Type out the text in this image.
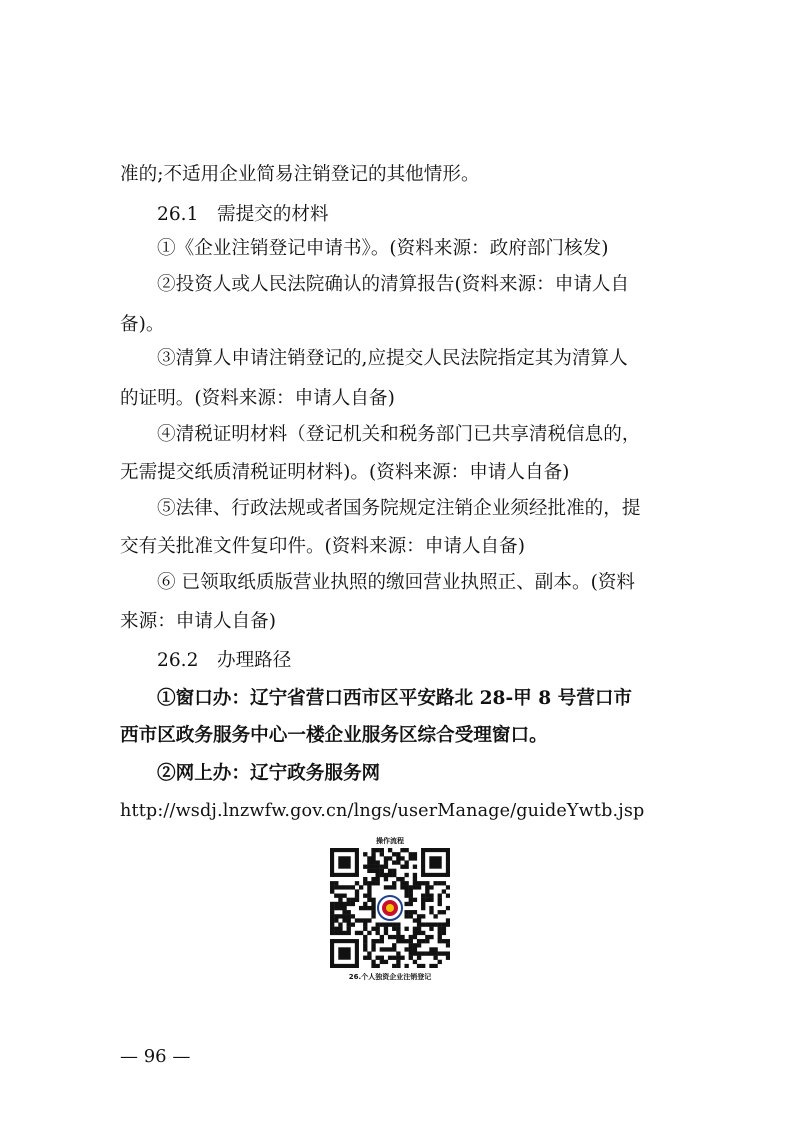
准的;不适用企业简易注销登记的其他情形。
26.1　需提交的材料
①《企业注销登记申请书》。(资料来源：政府部门核发)
②投资人或人民法院确认的清算报告(资料来源：申请人自
备)。
③清算人申请注销登记的,应提交人民法院指定其为清算人
的证明。(资料来源：申请人自备)
④清税证明材料（登记机关和税务部门已共享清税信息的，
无需提交纸质清税证明材料)。(资料来源：申请人自备)
⑤法律、行政法规或者国务院规定注销企业须经批准的，提
交有关批准文件复印件。(资料来源：申请人自备)
⑥ 已领取纸质版营业执照的缴回营业执照正、副本。(资料
来源：申请人自备)
26.2　办理路径
①窗口办：辽宁省营口西市区平安路北 28-甲 8 号营口市
西市区政务服务中心一楼企业服务区综合受理窗口。
②网上办：辽宁政务服务网
http://wsdj.lnzwfw.gov.cn/lngs/userManage/guideYwtb.jsp
操作流程
26.个人独资企业注销登记
— 96 —
